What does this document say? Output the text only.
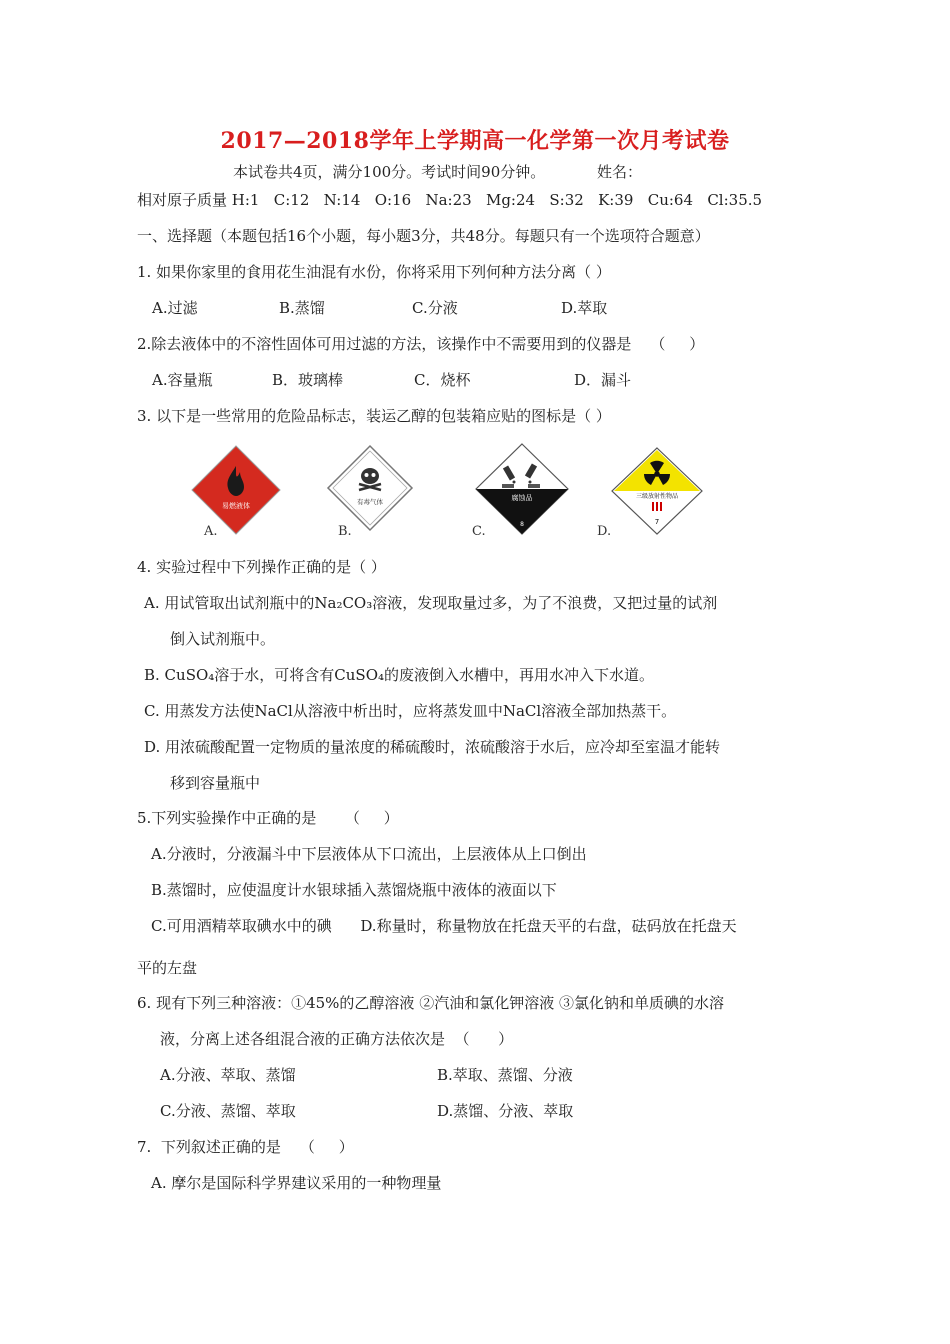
2017—2018学年上学期高一化学第一次月考试卷
本试卷共4页，满分100分。考试时间90分钟。	姓名：
相对原子质量 H:1   C:12   N:14   O:16   Na:23   Mg:24   S:32   K:39   Cu:64   Cl:35.5
一、选择题（本题包括16个小题，每小题3分，共48分。每题只有一个选项符合题意）
1. 如果你家里的食用花生油混有水份，你将采用下列何种方法分离（ ）
A.过滤	B.蒸馏	C.分液	D.萃取
2.除去液体中的不溶性固体可用过滤的方法，该操作中不需要用到的仪器是    （     ）
A.容量瓶	B．玻璃棒	C．烧杯	D．漏斗
3. 以下是一些常用的危险品标志，装运乙醇的包装箱应贴的图标是（ ）
易燃液体
A.
有毒气体
B.
腐蚀品
8
C.
三级放射性物品
7
D.
4. 实验过程中下列操作正确的是（ ）
A. 用试管取出试剂瓶中的Na₂CO₃溶液，发现取量过多，为了不浪费，又把过量的试剂
倒入试剂瓶中。
B. CuSO₄溶于水，可将含有CuSO₄的废液倒入水槽中，再用水冲入下水道。
C. 用蒸发方法使NaCl从溶液中析出时，应将蒸发皿中NaCl溶液全部加热蒸干。
D. 用浓硫酸配置一定物质的量浓度的稀硫酸时，浓硫酸溶于水后，应冷却至室温才能转
移到容量瓶中
5.下列实验操作中正确的是      （     ）
A.分液时，分液漏斗中下层液体从下口流出，上层液体从上口倒出
B.蒸馏时，应使温度计水银球插入蒸馏烧瓶中液体的液面以下
C.可用酒精萃取碘水中的碘      D.称量时，称量物放在托盘天平的右盘，砝码放在托盘天
平的左盘
6. 现有下列三种溶液：①45%的乙醇溶液 ②汽油和氯化钾溶液 ③氯化钠和单质碘的水溶
液，分离上述各组混合液的正确方法依次是  （      ）
A.分液、萃取、蒸馏	B.萃取、蒸馏、分液
C.分液、蒸馏、萃取	D.蒸馏、分液、萃取
7.  下列叙述正确的是    （     ）
A. 摩尔是国际科学界建议采用的一种物理量
